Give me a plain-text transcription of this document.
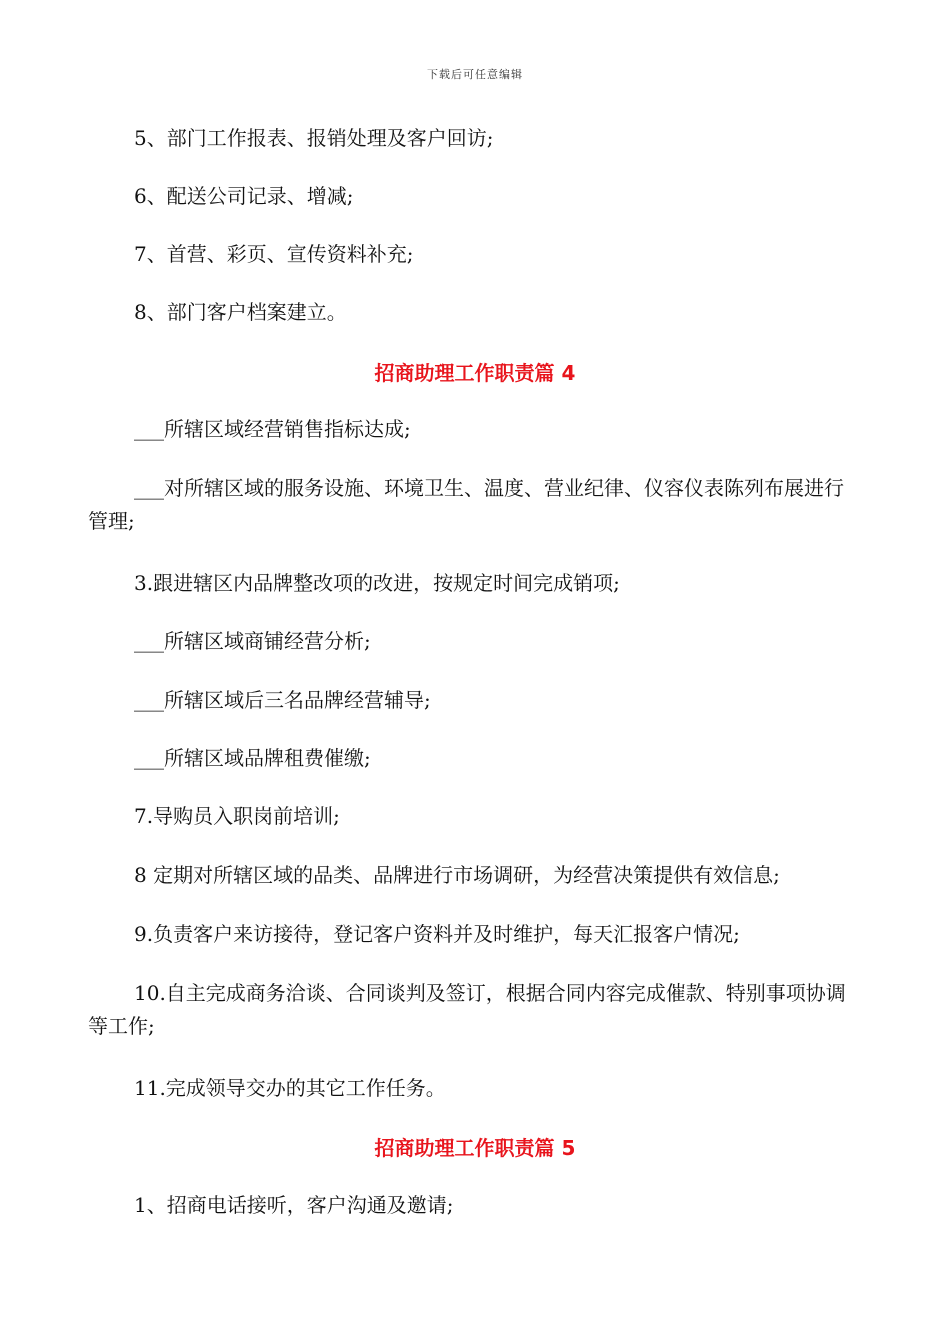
下载后可任意编辑
5、部门工作报表、报销处理及客户回访;
6、配送公司记录、增减;
7、首营、彩页、宣传资料补充;
8、部门客户档案建立。
招商助理工作职责篇 4
___所辖区域经营销售指标达成;
___对所辖区域的服务设施、环境卫生、温度、营业纪律、仪容仪表陈列布展进行管理;
3.跟进辖区内品牌整改项的改进，按规定时间完成销项;
___所辖区域商铺经营分析;
___所辖区域后三名品牌经营辅导;
___所辖区域品牌租费催缴;
7.导购员入职岗前培训;
8 定期对所辖区域的品类、品牌进行市场调研，为经营决策提供有效信息;
9.负责客户来访接待，登记客户资料并及时维护，每天汇报客户情况;
10.自主完成商务洽谈、合同谈判及签订，根据合同内容完成催款、特别事项协调等工作;
11.完成领导交办的其它工作任务。
招商助理工作职责篇 5
1、招商电话接听，客户沟通及邀请;
